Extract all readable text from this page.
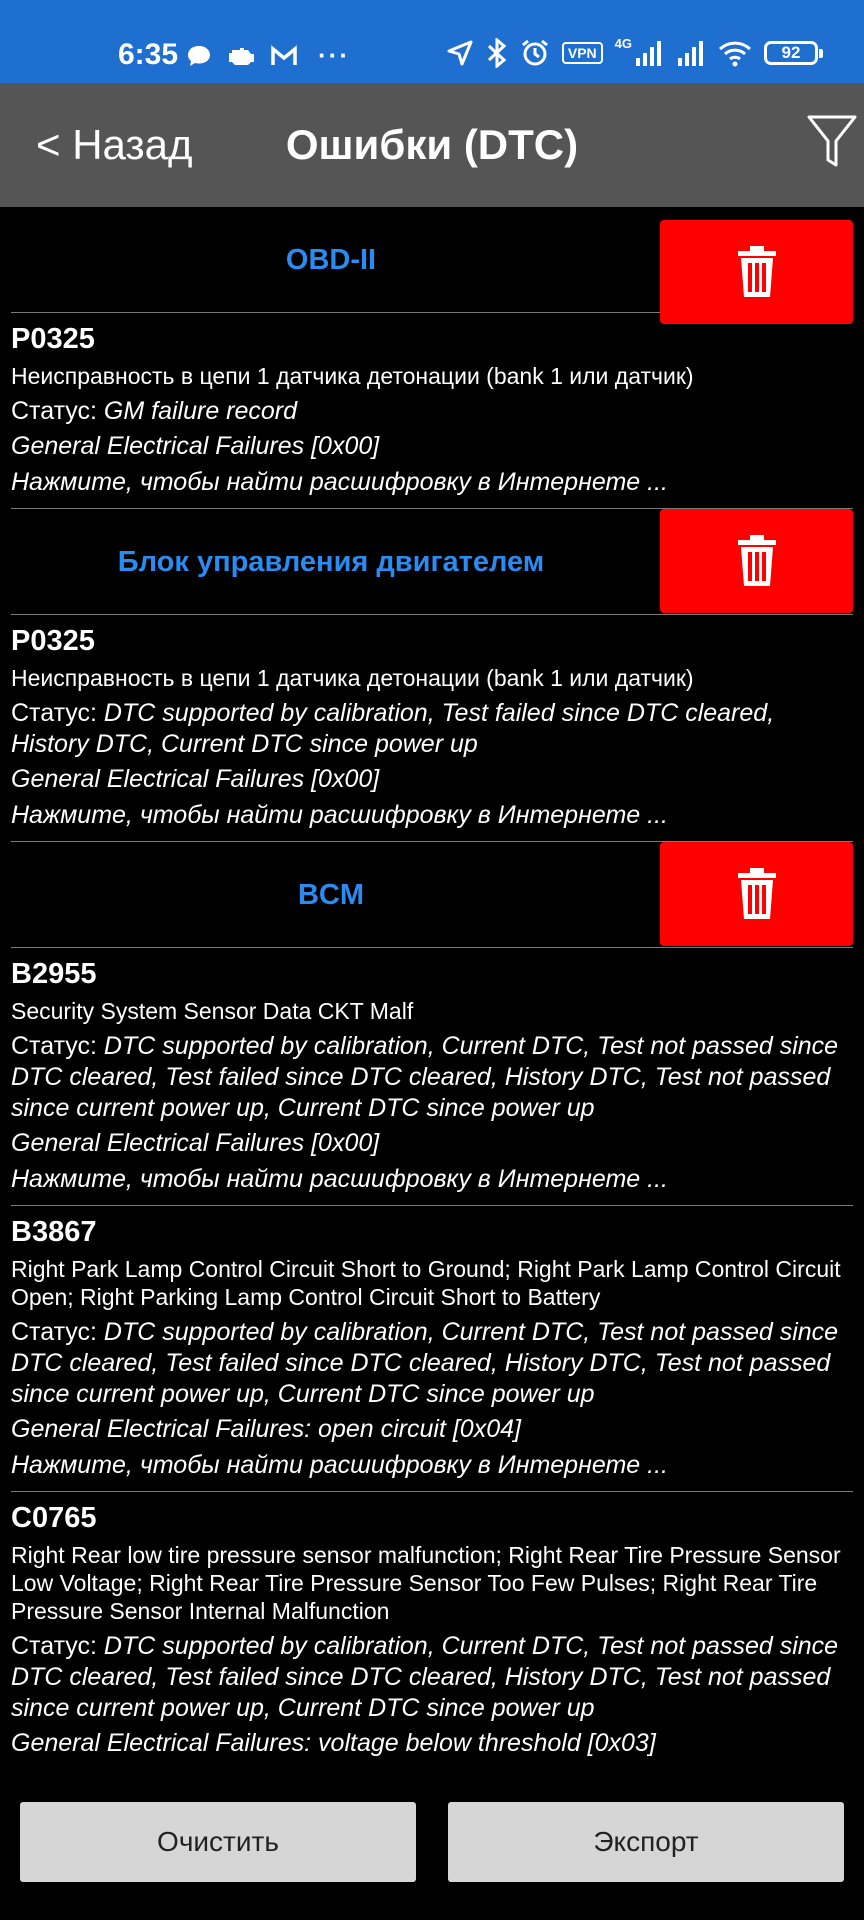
6:35	···	VPN
4G	92
< Назад	Ошибки (DTC)
OBD-II
P0325
Неисправность в цепи 1 датчика детонации (bank 1 или датчик)
Статус: GM failure record
General Electrical Failures [0x00]
Нажмите, чтобы найти расшифровку в Интернете ...
Блок управления двигателем
P0325
Неисправность в цепи 1 датчика детонации (bank 1 или датчик)
Статус: DTC supported by calibration, Test failed since DTC cleared, History DTC, Current DTC since power up
General Electrical Failures [0x00]
Нажмите, чтобы найти расшифровку в Интернете ...
BCM
B2955
Security System Sensor Data CKT Malf
Статус: DTC supported by calibration, Current DTC, Test not passed since DTC cleared, Test failed since DTC cleared, History DTC, Test not passed since current power up, Current DTC since power up
General Electrical Failures [0x00]
Нажмите, чтобы найти расшифровку в Интернете ...
B3867
Right Park Lamp Control Circuit Short to Ground; Right Park Lamp Control Circuit Open; Right Parking Lamp Control Circuit Short to Battery
Статус: DTC supported by calibration, Current DTC, Test not passed since DTC cleared, Test failed since DTC cleared, History DTC, Test not passed since current power up, Current DTC since power up
General Electrical Failures: open circuit [0x04]
Нажмите, чтобы найти расшифровку в Интернете ...
C0765
Right Rear low tire pressure sensor malfunction; Right Rear Tire Pressure Sensor Low Voltage; Right Rear Tire Pressure Sensor Too Few Pulses; Right Rear Tire Pressure Sensor Internal Malfunction
Статус: DTC supported by calibration, Current DTC, Test not passed since DTC cleared, Test failed since DTC cleared, History DTC, Test not passed since current power up, Current DTC since power up
General Electrical Failures: voltage below threshold [0x03]
Очистить	Экспорт
